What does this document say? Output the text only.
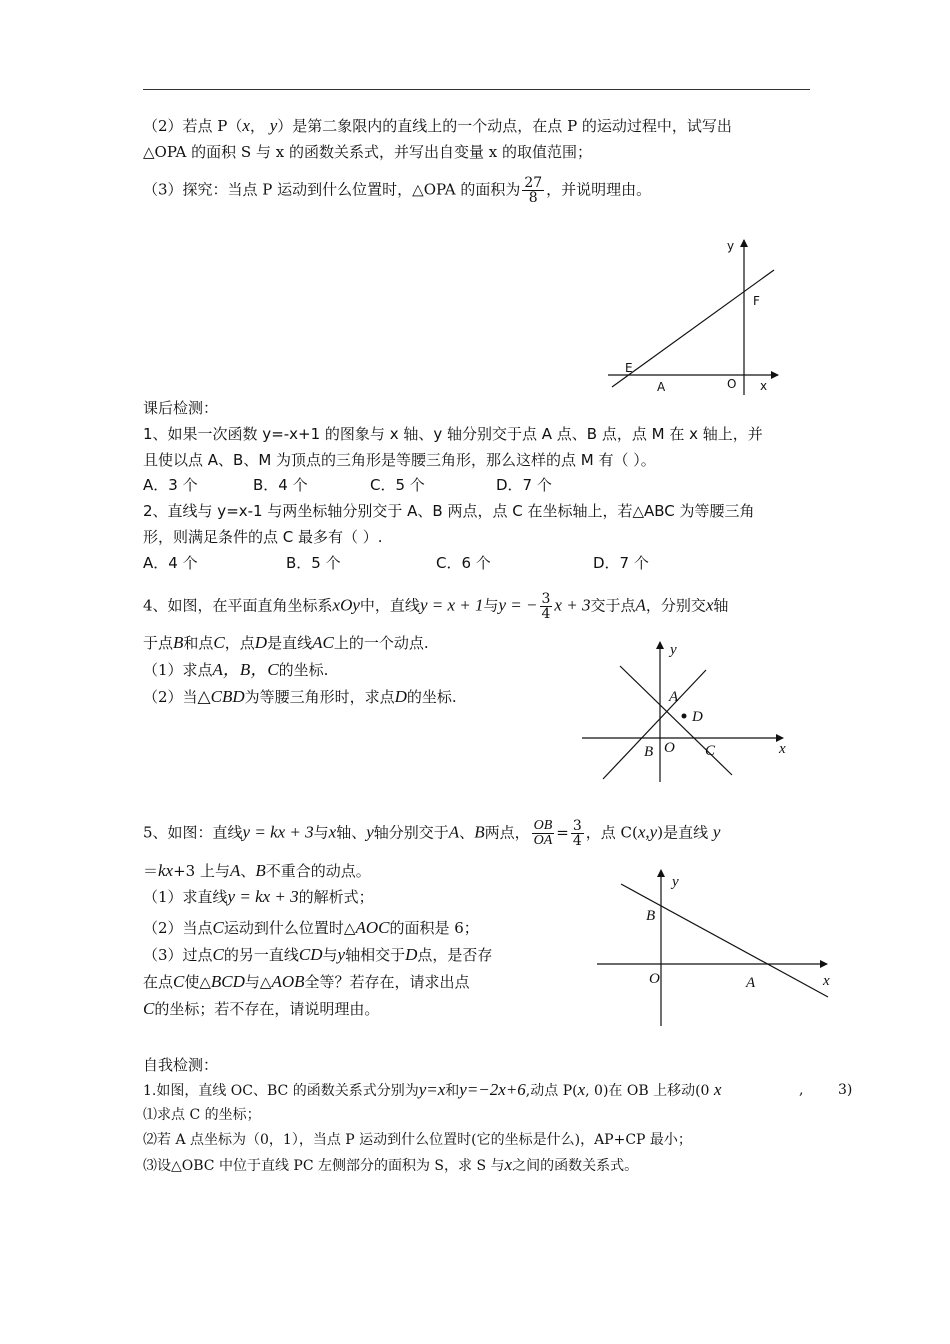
（2）若点 P（x， y）是第二象限内的直线上的一个动点，在点 P 的运动过程中，试写出
△OPA 的面积 S 与 x 的函数关系式，并写出自变量 x 的取值范围；
（3）探究：当点 P 运动到什么位置时，△OPA 的面积为 $\frac{27}{8}$ ，并说明理由。
y
F
E
A	O x
课后检测：
1、如果一次函数 y=-x+1 的图象与 x 轴、y 轴分别交于点 A 点、B 点，点 M 在 x 轴上，并
且使以点 A、B、M 为顶点的三角形是等腰三角形，那么这样的点 M 有（ ）。
A．3 个	B．4 个	C．5 个	D．7 个
2、直线与 y=x-1 与两坐标轴分别交于 A、B 两点，点 C 在坐标轴上，若△ABC 为等腰三角
形，则满足条件的点 C 最多有（ ）.
A．4 个	B．5 个	C．6 个	D．7 个
4、如图，在平面直角坐标系xOy中，直线y = x + 1与y = − $\frac{3}{4}$ x + 3交于点A，分别交x轴
于点B和点C，点D是直线AC上的一个动点.
（1）求点A，B，C的坐标.
（2）当△CBD为等腰三角形时，求点D的坐标.
y
A
D
B O C	x
5、如图：直线y = kx + 3与x轴、y轴分别交于A、B两点， $\frac{OB}{OA} = \frac{3}{4}$ ，点 C(x,y)是直线 y
＝kx+3 上与A、B不重合的动点。
（1）求直线y = kx + 3的解析式；
（2）当点C运动到什么位置时△AOC的面积是 6；
（3）过点C的另一直线CD与y轴相交于D点，是否存
在点C使△BCD与△AOB全等？若存在，请求出点
C的坐标；若不存在，请说明理由。
y
B
O	A	x
自我检测：
1.如图，直线 OC、BC 的函数关系式分别为y=x和y=−2x+6,动点 P(x, 0)在 OB 上移动(0 x	, 3)
⑴求点 C 的坐标；
⑵若 A 点坐标为（0，1），当点 P 运动到什么位置时(它的坐标是什么)，AP+CP 最小；
⑶设△OBC 中位于直线 PC 左侧部分的面积为 S，求 S 与x之间的函数关系式。
